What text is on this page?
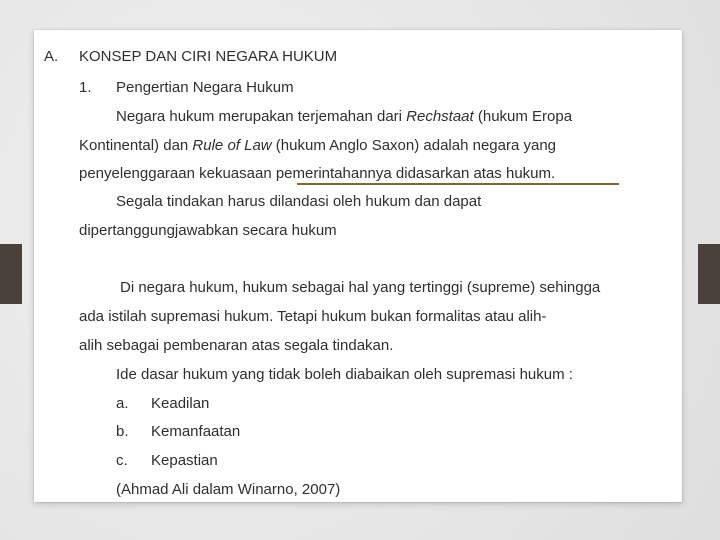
A. KONSEP DAN CIRI NEGARA HUKUM
1. Pengertian Negara Hukum
Negara hukum merupakan terjemahan dari Rechstaat (hukum Eropa
Kontinental) dan Rule of Law (hukum Anglo Saxon) adalah negara yang
penyelenggaraan kekuasaan pemerintahannya didasarkan atas hukum.
Segala tindakan harus dilandasi oleh hukum dan dapat
dipertanggungjawabkan secara hukum
Di negara hukum, hukum sebagai hal yang tertinggi (supreme) sehingga
ada istilah supremasi hukum. Tetapi hukum bukan formalitas atau alih-
alih sebagai pembenaran atas segala tindakan.
Ide dasar hukum yang tidak boleh diabaikan oleh supremasi hukum :
a. Keadilan
b. Kemanfaatan
c. Kepastian
(Ahmad Ali dalam Winarno, 2007)
